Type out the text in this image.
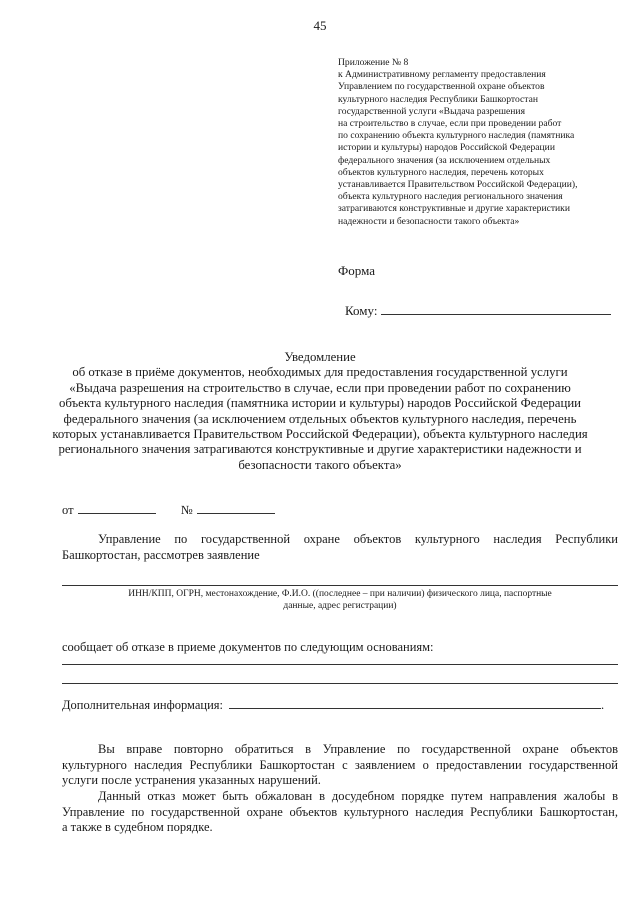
45
Приложение № 8
к Административному регламенту предоставления
Управлением по государственной охране объектов
культурного наследия Республики Башкортостан
государственной услуги «Выдача разрешения
на строительство в случае, если при проведении работ
по сохранению объекта культурного наследия (памятника
истории и культуры) народов Российской Федерации
федерального значения (за исключением отдельных
объектов культурного наследия, перечень которых
устанавливается Правительством Российской Федерации),
объекта культурного наследия регионального значения
затрагиваются конструктивные и другие характеристики
надежности и безопасности такого объекта»
Форма
Кому:
Уведомление
об отказе в приёме документов, необходимых для предоставления государственной услуги
«Выдача разрешения на строительство в случае, если при проведении работ по сохранению
объекта культурного наследия (памятника истории и культуры) народов Российской Федерации
федерального значения (за исключением отдельных объектов культурного наследия, перечень
которых устанавливается Правительством Российской Федерации), объекта культурного наследия
регионального значения затрагиваются конструктивные и другие характеристики надежности и
безопасности такого объекта»
от	№
Управление по государственной охране объектов культурного наследия Республики
Башкортостан, рассмотрев заявление
ИНН/КПП, ОГРН, местонахождение, Ф.И.О. ((последнее – при наличии) физического лица, паспортные
данные, адрес регистрации)
сообщает об отказе в приеме документов по следующим основаниям:
Дополнительная информация:	.
Вы вправе повторно обратиться в Управление по государственной охране объектов
культурного наследия Республики Башкортостан с заявлением о предоставлении государственной
услуги после устранения указанных нарушений.
Данный отказ может быть обжалован в досудебном порядке путем направления жалобы в
Управление по государственной охране объектов культурного наследия Республики Башкортостан,
а также в судебном порядке.
